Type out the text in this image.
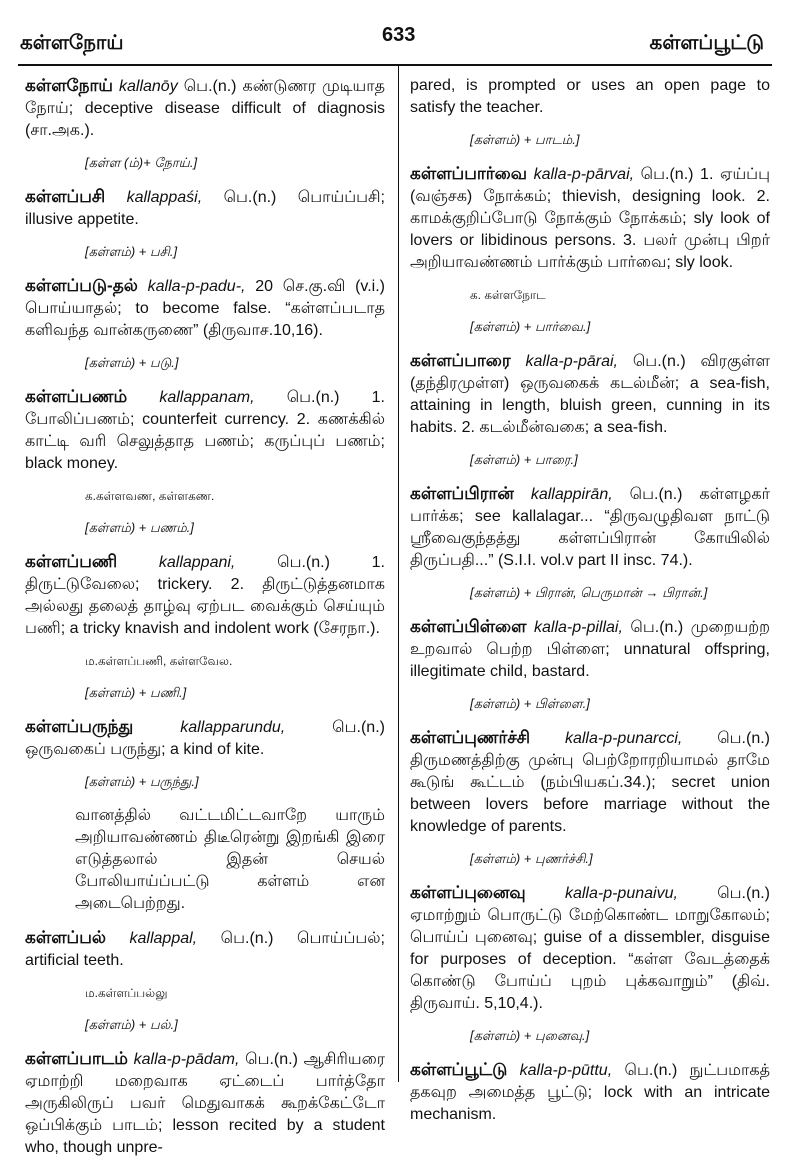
கள்ளநோய்	633	கள்ளப்பூட்டு
கள்ளநோய் kallanōy பெ.(n.) கண்டுணர முடியாத நோய்; deceptive disease difficult of diagnosis (சா.அக.).
[கள்ள (ம்)+ நோய்.]
கள்ளப்பசி kallappaśi, பெ.(n.) பொய்ப்பசி; illusive appetite.
[கள்ளம்) + பசி.]
கள்ளப்படு-தல் kalla-p-padu-, 20 செ.கு.வி (v.i.) பொய்யாதல்; to become false. “கள்ளப்படாத களிவந்த வான்கருணை” (திருவாச.10,16).
[கள்ளம்) + படு.]
கள்ளப்பணம் kallappanam, பெ.(n.) 1. போலிப்பணம்; counterfeit currency. 2. கணக்கில் காட்டி வரி செலுத்தாத பணம்; கருப்புப் பணம்; black money.
க.கள்ளவண, கள்ளகண.
[கள்ளம்) + பணம்.]
கள்ளப்பணி	kallappani,	பெ.(n.) 1. திருட்டுவேலை; trickery. 2. திருட்டுத்தனமாக அல்லது தலைத் தாழ்வு ஏற்பட வைக்கும் செய்யும் பணி; a tricky knavish and indolent work (சேரநா.).
ம.கள்ளப்பணி, கள்ளவேல.
[கள்ளம்) + பணி.]
கள்ளப்பருந்து	kallapparundu,	பெ.(n.) ஒருவகைப் பருந்து; a kind of kite.
[கள்ளம்) + பருந்து.]
வானத்தில் வட்டமிட்டவாறே யாரும் அறியாவண்ணம் திடீரென்று இறங்கி இரை எடுத்தலால் இதன் செயல் போலியாய்ப்பட்டு கள்ளம் என அடைபெற்றது.
கள்ளப்பல் kallappal, பெ.(n.) பொய்ப்பல்; artificial teeth.
ம.கள்ளப்பல்லு
[கள்ளம்) + பல்.]
கள்ளப்பாடம் kalla-p-pādam, பெ.(n.) ஆசிரியரை ஏமாற்றி மறைவாக ஏட்டைப் பார்த்தோ அருகிலிருப் பவர் மெதுவாகக் கூறக்கேட்டோ ஒப்பிக்கும் பாடம்; lesson recited by a student who, though unpre-
pared, is prompted or uses an open page to satisfy the teacher.
[கள்ளம்) + பாடம்.]
கள்ளப்பார்வை kalla-p-pārvai, பெ.(n.) 1. ஏய்ப்பு (வஞ்சக) நோக்கம்; thievish, designing look. 2. காமக்குறிப்போடு நோக்கும் நோக்கம்; sly look of lovers or libidinous persons. 3. பலர் முன்பு பிறர் அறியாவண்ணம் பார்க்கும் பார்வை; sly look.
க. கள்ளநோட
[கள்ளம்) + பார்வை.]
கள்ளப்பாரை kalla-p-pārai, பெ.(n.) விரகுள்ள (தந்திரமுள்ள) ஒருவகைக் கடல்மீன்; a sea-fish, attaining in length, bluish green, cunning in its habits. 2. கடல்மீன்வகை; a sea-fish.
[கள்ளம்) + பாரை.]
கள்ளப்பிரான் kallappirān, பெ.(n.) கள்ளழகர் பார்க்க; see kallalagar... “திருவழுதிவள நாட்டு ஸ்ரீவைகுந்தத்து கள்ளப்பிரான் கோயிலில் திருப்பதி...” (S.I.I. vol.v part II insc. 74.).
[கள்ளம்) + பிரான், பெருமான் → பிரான்.]
கள்ளப்பிள்ளை kalla-p-pillai, பெ.(n.) முறையற்ற உறவால் பெற்ற பிள்ளை; unnatural offspring, illegitimate child, bastard.
[கள்ளம்) + பிள்ளை.]
கள்ளப்புணர்ச்சி kalla-p-punarcci, பெ.(n.) திருமணத்திற்கு முன்பு பெற்றோரறியாமல் தாமே கூடுங் கூட்டம் (நம்பியகப்.34.); secret union between lovers before marriage without the knowledge of parents.
[கள்ளம்) + புணர்ச்சி.]
கள்ளப்புனைவு kalla-p-punaivu, பெ.(n.) ஏமாற்றும் பொருட்டு மேற்கொண்ட மாறுகோலம்; பொய்ப் புனைவு; guise of a dissembler, disguise for purposes of deception. “கள்ள வேடத்தைக் கொண்டு போய்ப் புறம் புக்கவாறும்” (திவ். திருவாய். 5,10,4.).
[கள்ளம்) + புனைவு.]
கள்ளப்பூட்டு kalla-p-pūttu, பெ.(n.) நுட்பமாகத் தகவுற அமைத்த பூட்டு; lock with an intricate mechanism.
